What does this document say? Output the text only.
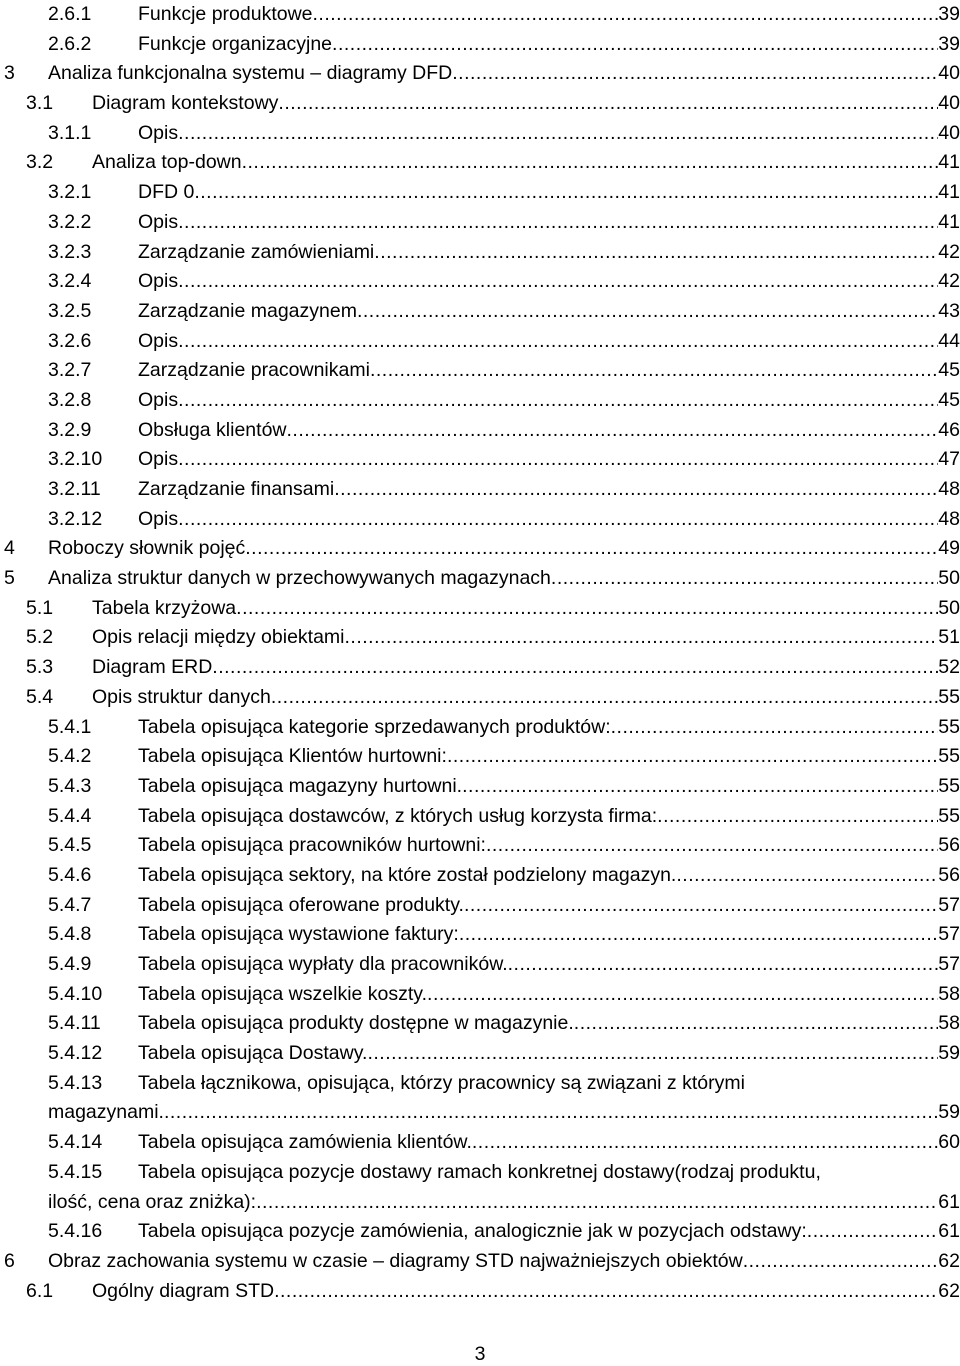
2.6.1 Funkcje produktowe .....	39
2.6.2 Funkcje organizacyjne .....	39
3 Analiza funkcjonalna systemu – diagramy DFD .....	40
3.1 Diagram kontekstowy .....	40
3.1.1 Opis .....	40
3.2 Analiza top-down .....	41
3.2.1 DFD 0 .....	41
3.2.2 Opis .....	41
3.2.3 Zarządzanie zamówieniami .....	42
3.2.4 Opis .....	42
3.2.5 Zarządzanie magazynem .....	43
3.2.6 Opis .....	44
3.2.7 Zarządzanie pracownikami .....	45
3.2.8 Opis .....	45
3.2.9 Obsługa klientów .....	46
3.2.10 Opis .....	47
3.2.11 Zarządzanie finansami .....	48
3.2.12 Opis .....	48
4 Roboczy słownik pojęć .....	49
5 Analiza struktur danych w przechowywanych magazynach .....	50
5.1 Tabela krzyżowa .....	50
5.2 Opis relacji między obiektami .....	51
5.3 Diagram ERD .....	52
5.4 Opis struktur danych .....	55
5.4.1 Tabela opisująca kategorie sprzedawanych produktów: .....	55
5.4.2 Tabela opisująca Klientów hurtowni: .....	55
5.4.3 Tabela opisująca magazyny hurtowni. .....	55
5.4.4 Tabela opisująca dostawców, z których usług korzysta firma: .....	55
5.4.5 Tabela opisująca pracowników hurtowni: .....	56
5.4.6 Tabela opisująca sektory, na które został podzielony magazyn. .....	56
5.4.7 Tabela opisująca oferowane produkty. .....	57
5.4.8 Tabela opisująca wystawione faktury: .....	57
5.4.9 Tabela opisująca wypłaty dla pracowników. .....	57
5.4.10 Tabela opisująca wszelkie koszty. .....	58
5.4.11 Tabela opisująca produkty dostępne w magazynie. .....	58
5.4.12 Tabela opisująca Dostawy. .....	59
5.4.13 Tabela łącznikowa, opisująca, którzy pracownicy są związani z którymi
magazynami. .....	59
5.4.14 Tabela opisująca zamówienia klientów. .....	60
5.4.15 Tabela opisująca pozycje dostawy ramach konkretnej dostawy(rodzaj produktu,
ilość, cena oraz zniżka): .....	61
5.4.16 Tabela opisująca pozycje zamówienia, analogicznie jak w pozycjach odstawy: .....	61
6 Obraz zachowania systemu w czasie – diagramy STD najważniejszych obiektów .....	62
6.1 Ogólny diagram STD .....	62
3
